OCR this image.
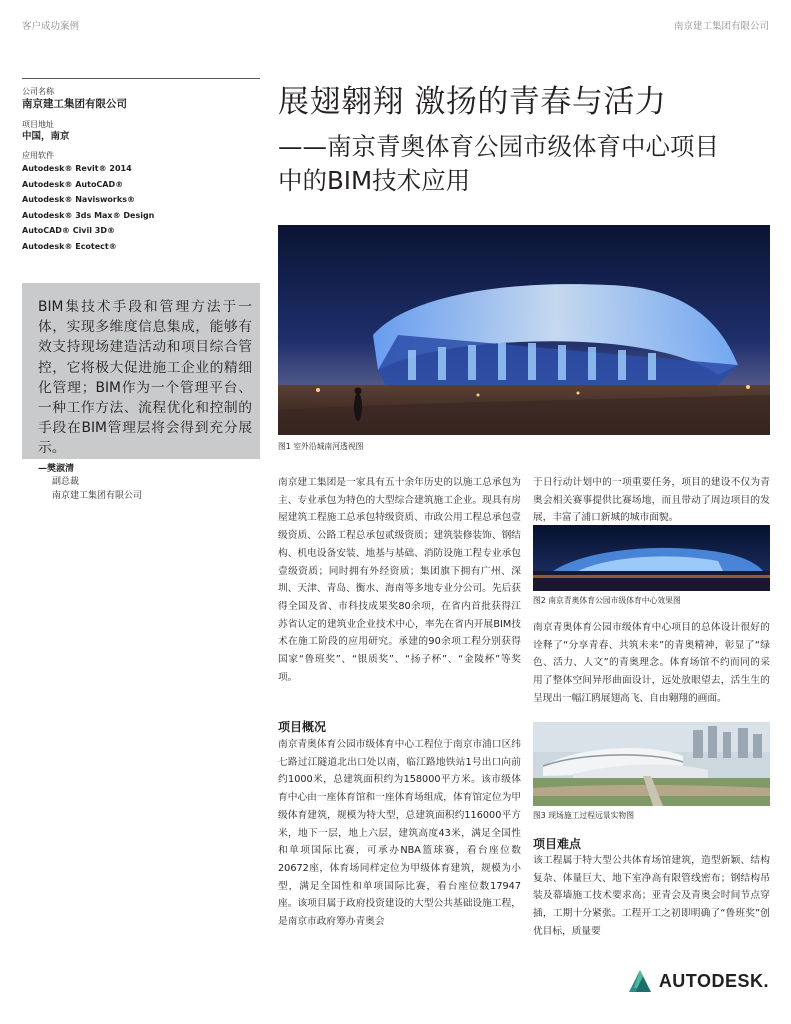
客户成功案例	南京建工集团有限公司
公司名称
南京建工集团有限公司
项目地址
中国，南京
应用软件
Autodesk® Revit® 2014
Autodesk® AutoCAD®
Autodesk® Navisworks®
Autodesk® 3ds Max® Design
AutoCAD® Civil 3D®
Autodesk® Ecotect®
BIM集技术手段和管理方法于一体，实现多维度信息集成，能够有效支持现场建造活动和项目综合管控，它将极大促进施工企业的精细化管理；BIM作为一个管理平台、一种工作方法、流程优化和控制的手段在BIM管理层将会得到充分展示。
—樊淑清
副总裁
南京建工集团有限公司
展翅翱翔 激扬的青春与活力
——南京青奥体育公园市级体育中心项目
中的BIM技术应用
图1 室外沿城南河透视图
南京建工集团是一家具有五十余年历史的以施工总承包为主、专业承包为特色的大型综合建筑施工企业。现具有房屋建筑工程施工总承包特级资质、市政公用工程总承包壹级资质、公路工程总承包贰级资质；建筑装修装饰、钢结构、机电设备安装、地基与基础、消防设施工程专业承包壹级资质；同时拥有外经资质；集团旗下拥有广州、深圳、天津、青岛、衡水、海南等多地专业分公司。先后获得全国及省、市科技成果奖80余项，在省内首批获得江苏省认定的建筑业企业技术中心，率先在省内开展BIM技术在施工阶段的应用研究。承建的90余项工程分别获得国家“鲁班奖”、“银质奖”、“扬子杯”、“金陵杯”等奖项。
项目概况
南京青奥体育公园市级体育中心工程位于南京市浦口区纬七路过江隧道北出口处以南，临江路地铁站1号出口向前约1000米，总建筑面积约为158000平方米。该市级体育中心由一座体育馆和一座体育场组成，体育馆定位为甲级体育建筑，规模为特大型，总建筑面积约116000平方米，地下一层，地上六层，建筑高度43米，满足全国性和单项国际比赛，可承办NBA篮球赛，看台座位数20672座，体育场同样定位为甲级体育建筑，规模为小型，满足全国性和单项国际比赛，看台座位数17947座。该项目属于政府投资建设的大型公共基础设施工程，是南京市政府筹办青奥会
于日行动计划中的一项重要任务，项目的建设不仅为青奥会相关赛事提供比赛场地，而且带动了周边项目的发展，丰富了浦口新城的城市面貌。
图2 南京青奥体育公园市级体育中心效果图
南京青奥体育公园市级体育中心项目的总体设计很好的诠释了“分享青春、共筑未来”的青奥精神，彰显了“绿色、活力、人文”的青奥理念。体育场馆不约而同的采用了整体空间异形曲面设计，远处放眼望去，活生生的呈现出一幅江鸥展翅高飞、自由翱翔的画面。
图3 现场施工过程远景实物图
项目难点
该工程属于特大型公共体育场馆建筑，造型新颖、结构复杂、体量巨大、地下室净高有限管线密布；钢结构吊装及幕墙施工技术要求高；亚青会及青奥会时间节点穿插，工期十分紧张。工程开工之初即明确了“鲁班奖”创优目标，质量要
AUTODESK.
